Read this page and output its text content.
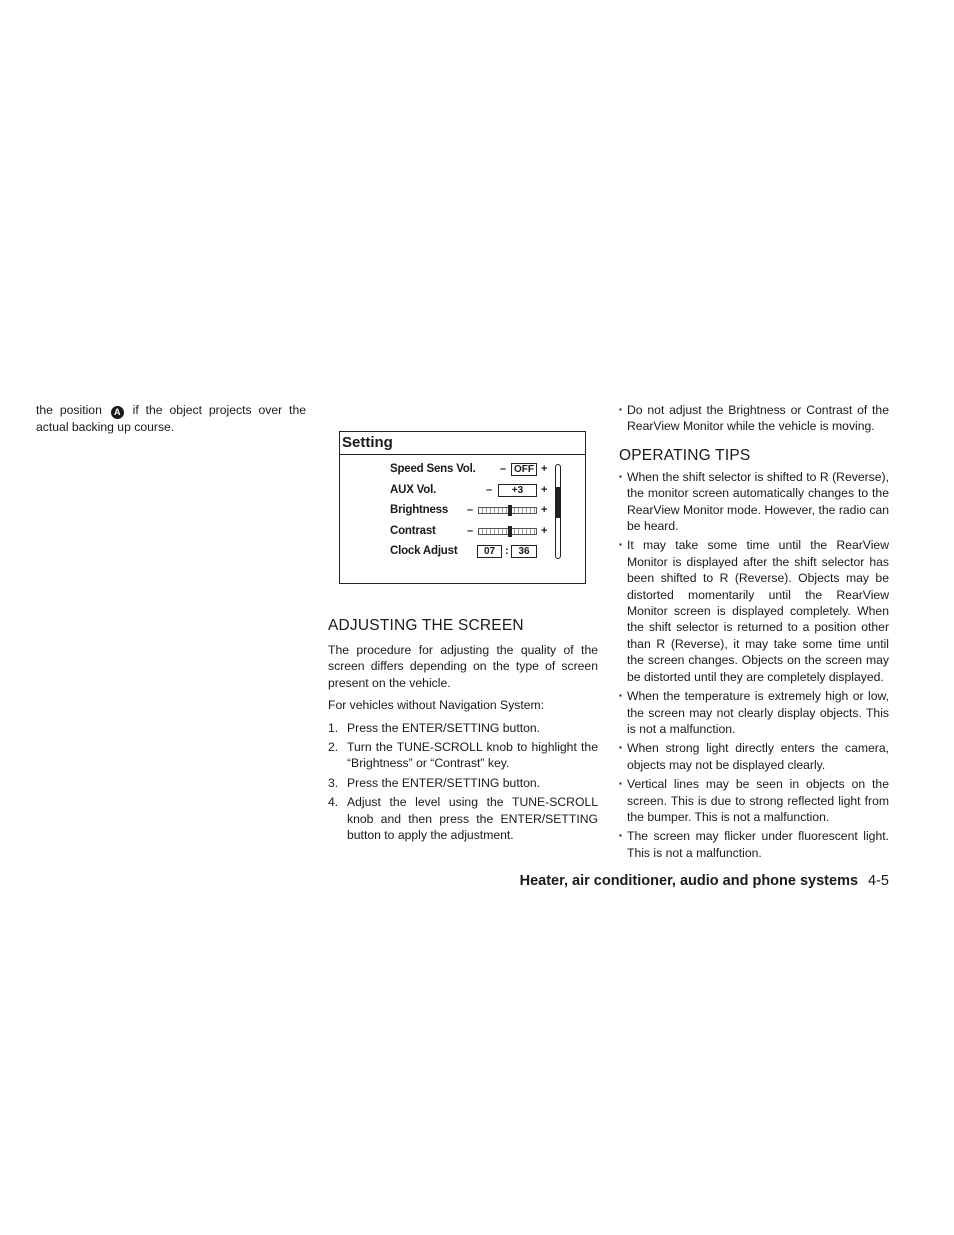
the position A if the object projects over the actual backing up course.

Setting
Speed Sens Vol. – OFF +
AUX Vol.	–	+3	+
Brightness –	+
Contrast	–	+
Clock Adjust	07 : 36
ADJUSTING THE SCREEN

The procedure for adjusting the quality of the screen differs depending on the type of screen present on the vehicle.

For vehicles without Navigation System:

1. Press the ENTER/SETTING button.
2. Turn the TUNE-SCROLL knob to highlight the “Brightness” or “Contrast” key.
3. Press the ENTER/SETTING button.
4. Adjust the level using the TUNE-SCROLL knob and then press the ENTER/SETTING button to apply the adjustment.
▪ Do not adjust the Brightness or Contrast of the RearView Monitor while the vehicle is moving.
OPERATING TIPS
▪ When the shift selector is shifted to R (Reverse), the monitor screen automatically changes to the RearView Monitor mode. However, the radio can be heard.
▪ It may take some time until the RearView Monitor is displayed after the shift selector has been shifted to R (Reverse). Objects may be distorted momentarily until the RearView Monitor screen is displayed completely. When the shift selector is returned to a position other than R (Reverse), it may take some time until the screen changes. Objects on the screen may be distorted until they are completely displayed.
▪ When the temperature is extremely high or low, the screen may not clearly display objects. This is not a malfunction.
▪ When strong light directly enters the camera, objects may not be displayed clearly.
▪ Vertical lines may be seen in objects on the screen. This is due to strong reflected light from the bumper. This is not a malfunction.
▪ The screen may flicker under fluorescent light. This is not a malfunction.
Heater, air conditioner, audio and phone systems 4-5
